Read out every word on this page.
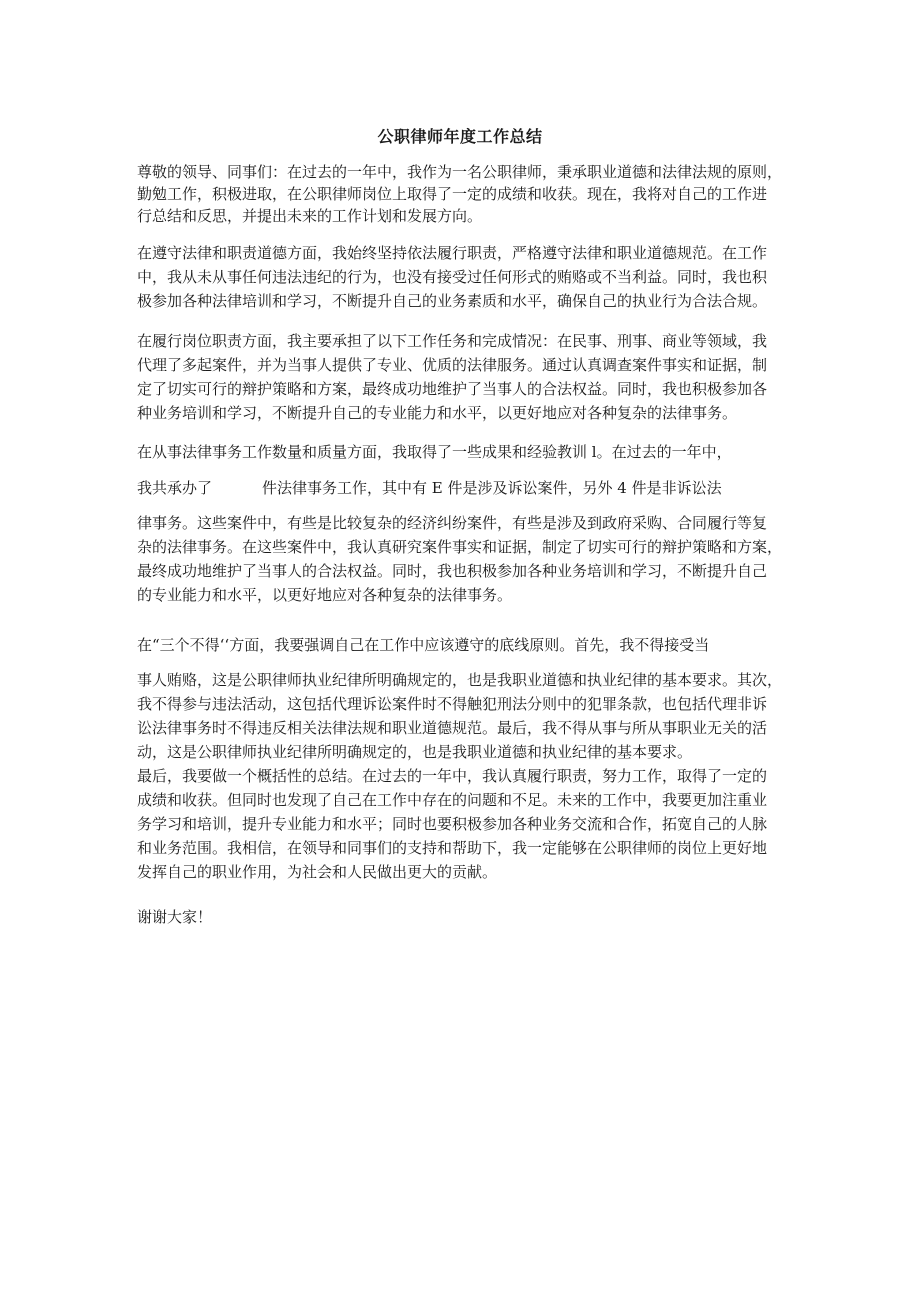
公职律师年度工作总结

尊敬的领导、同事们：在过去的一年中，我作为一名公职律师，秉承职业道德和法律法规的原则，

勤勉工作，积极进取，在公职律师岗位上取得了一定的成绩和收获。现在，我将对自己的工作进

行总结和反思，并提出未来的工作计划和发展方向。

在遵守法律和职责道德方面，我始终坚持依法履行职责，严格遵守法律和职业道德规范。在工作

中，我从未从事任何违法违纪的行为，也没有接受过任何形式的贿赂或不当利益。同时，我也积

极参加各种法律培训和学习，不断提升自己的业务素质和水平，确保自己的执业行为合法合规。

在履行岗位职责方面，我主要承担了以下工作任务和完成情况：在民事、刑事、商业等领域，我

代理了多起案件，并为当事人提供了专业、优质的法律服务。通过认真调查案件事实和证据，制

定了切实可行的辩护策略和方案，最终成功地维护了当事人的合法权益。同时，我也积极参加各

种业务培训和学习，不断提升自己的专业能力和水平，以更好地应对各种复杂的法律事务。

在从事法律事务工作数量和质量方面，我取得了一些成果和经验教训 l。在过去的一年中，

我共承办了	件法律事务工作，其中有 E 件是涉及诉讼案件，另外 4 件是非诉讼法

律事务。这些案件中，有些是比较复杂的经济纠纷案件，有些是涉及到政府采购、合同履行等复

杂的法律事务。在这些案件中，我认真研究案件事实和证据，制定了切实可行的辩护策略和方案，

最终成功地维护了当事人的合法权益。同时，我也积极参加各种业务培训和学习，不断提升自己

的专业能力和水平，以更好地应对各种复杂的法律事务。

在“三个不得‘‘方面，我要强调自己在工作中应该遵守的底线原则。首先，我不得接受当

事人贿赂，这是公职律师执业纪律所明确规定的，也是我职业道德和执业纪律的基本要求。其次，

我不得参与违法活动，这包括代理诉讼案件时不得触犯刑法分则中的犯罪条款，也包括代理非诉

讼法律事务时不得违反相关法律法规和职业道德规范。最后，我不得从事与所从事职业无关的活

动，这是公职律师执业纪律所明确规定的，也是我职业道德和执业纪律的基本要求。

最后，我要做一个概括性的总结。在过去的一年中，我认真履行职责，努力工作，取得了一定的

成绩和收获。但同时也发现了自己在工作中存在的问题和不足。未来的工作中，我要更加注重业

务学习和培训，提升专业能力和水平；同时也要积极参加各种业务交流和合作，拓宽自己的人脉

和业务范围。我相信，在领导和同事们的支持和帮助下，我一定能够在公职律师的岗位上更好地

发挥自己的职业作用，为社会和人民做出更大的贡献。

谢谢大家！
